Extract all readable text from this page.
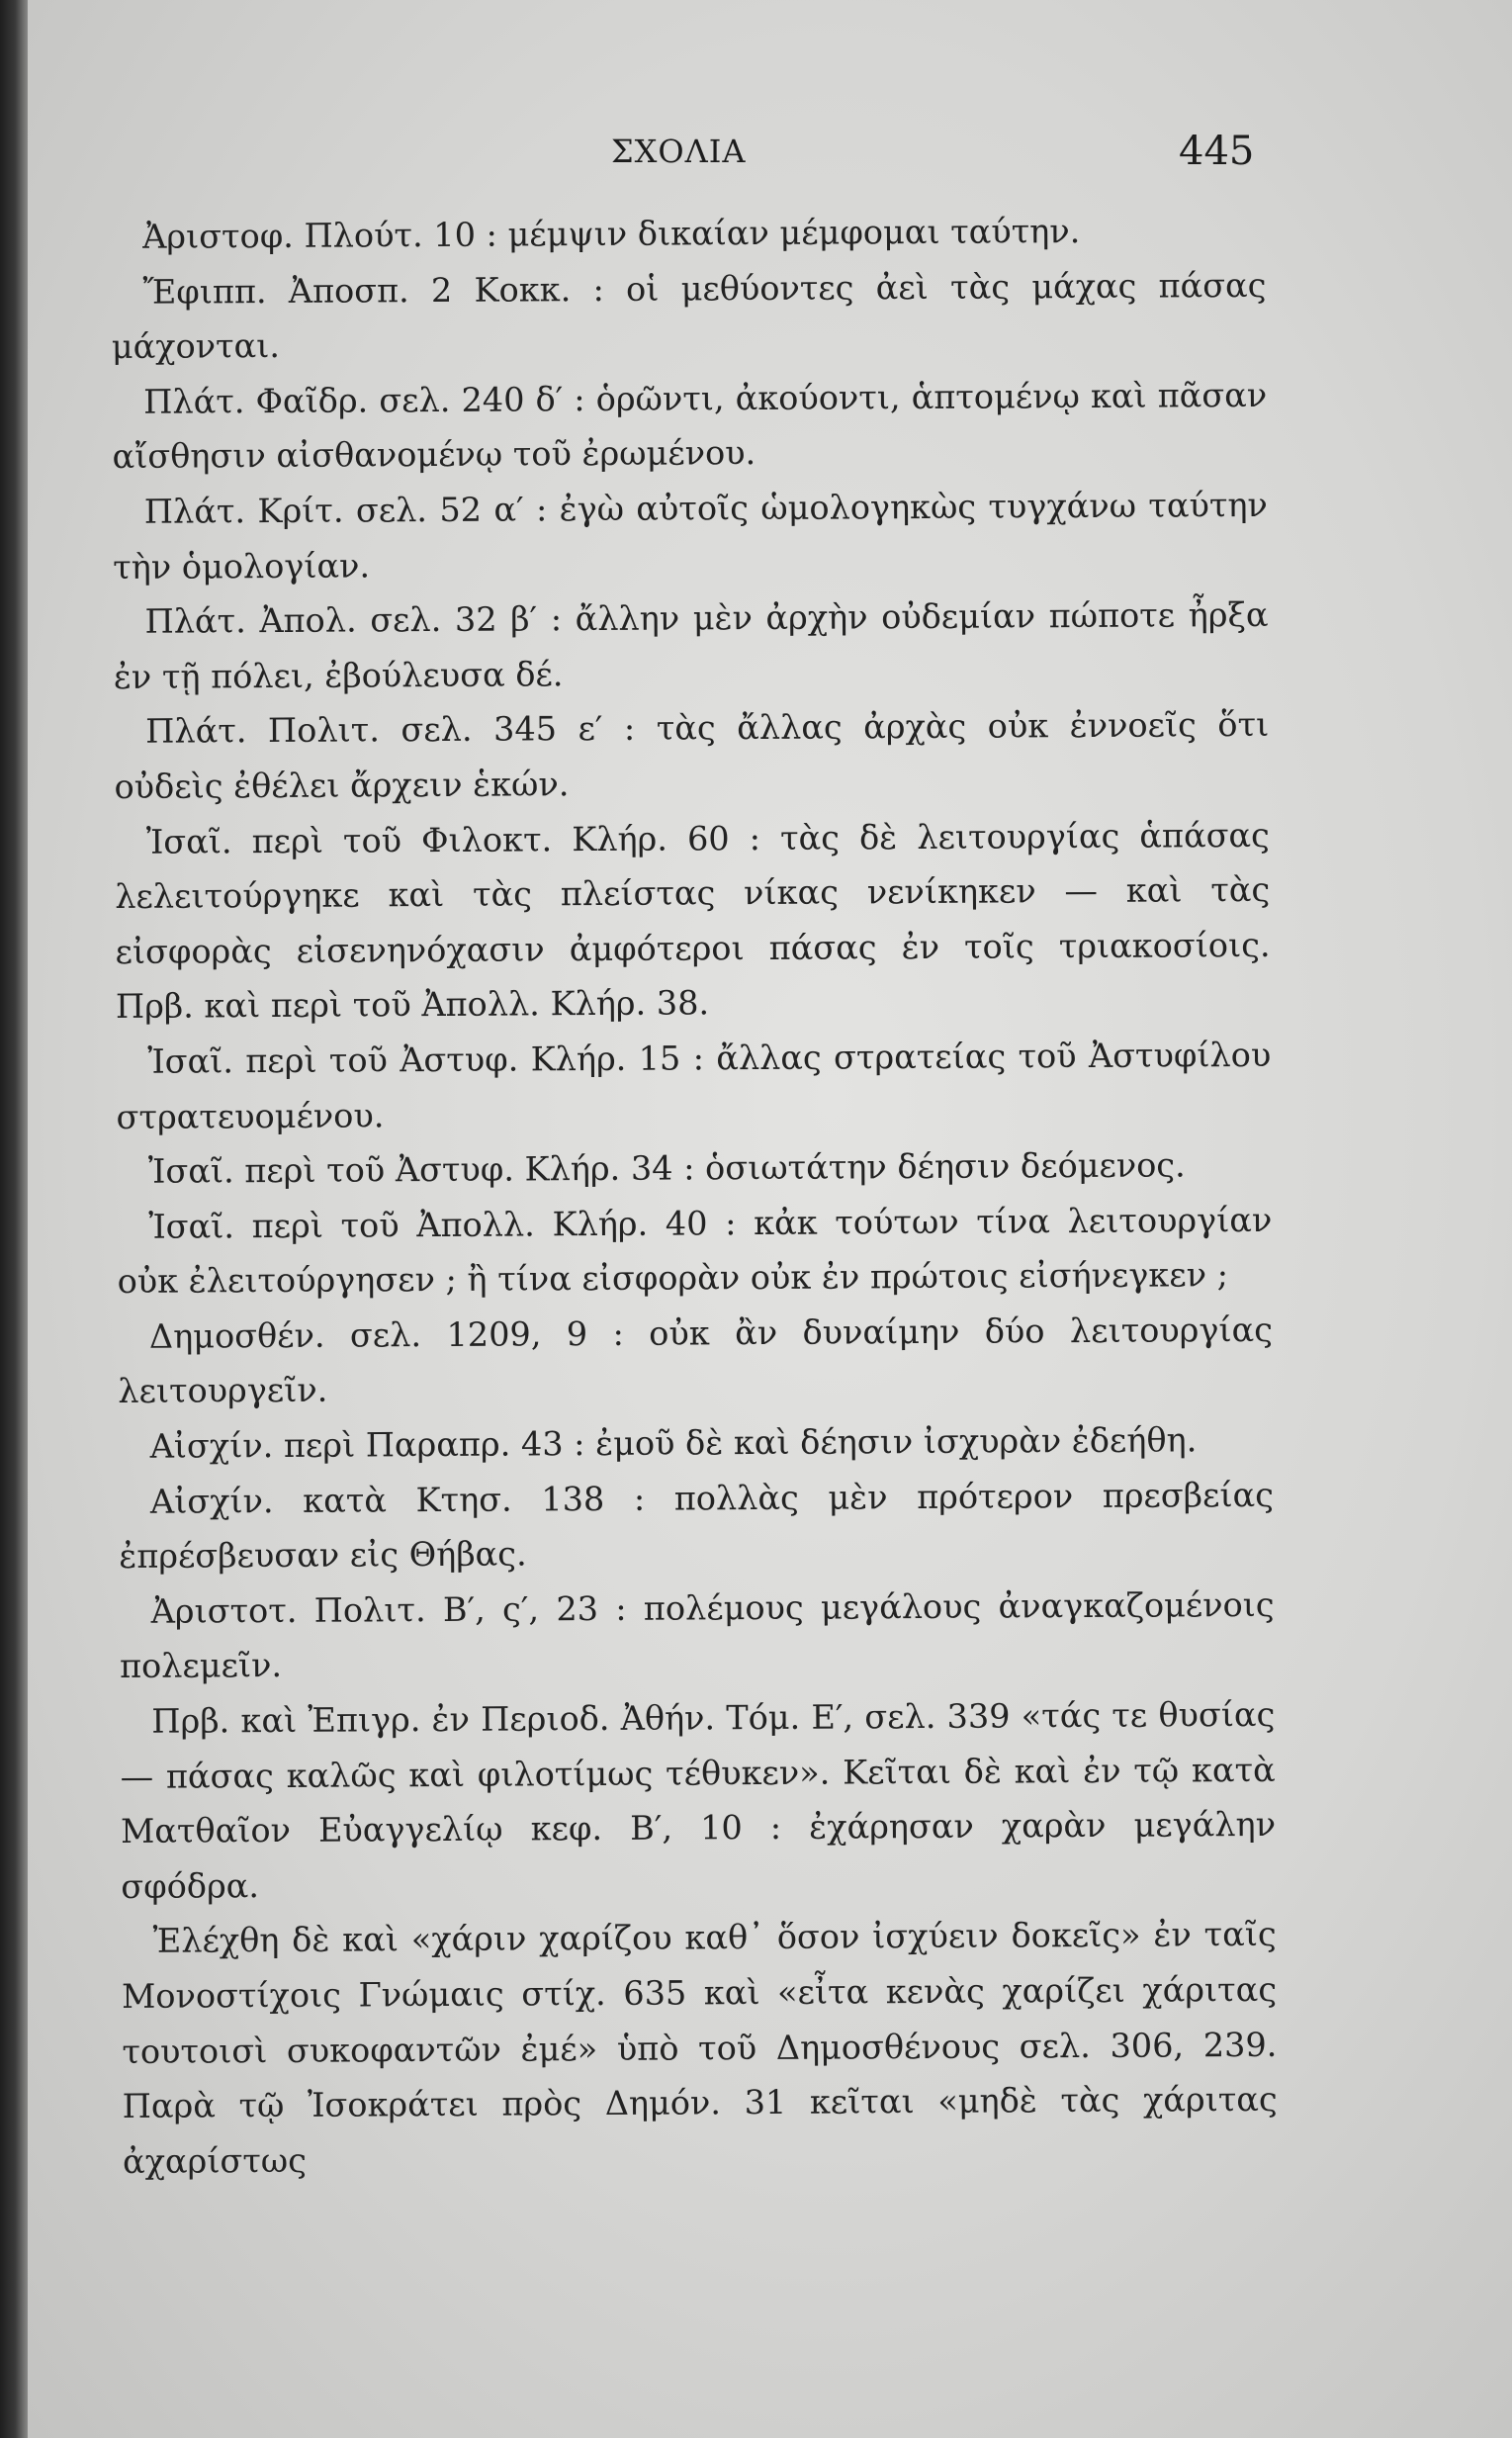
ΣΧΟΛΙΑ	445

Ἀριστοφ. Πλούτ. 10 : μέμψιν δικαίαν μέμφομαι ταύτην.

Ἔφιππ. Ἀποσπ. 2 Κοκκ. : οἱ μεθύοντες ἀεὶ τὰς μάχας πάσας μάχονται.

Πλάτ. Φαῖδρ. σελ. 240 δ′ : ὁρῶντι, ἀκούοντι, ἁπτομένῳ καὶ πᾶσαν αἴσθησιν αἰσθανομένῳ τοῦ ἐρωμένου.

Πλάτ. Κρίτ. σελ. 52 α′ : ἐγὼ αὐτοῖς ὡμολογηκὼς τυγχάνω ταύτην τὴν ὁμολογίαν.

Πλάτ. Ἀπολ. σελ. 32 β′ : ἄλλην μὲν ἀρχὴν οὐδεμίαν πώποτε ἦρξα ἐν τῇ πόλει, ἐβούλευσα δέ.

Πλάτ. Πολιτ. σελ. 345 ε′ : τὰς ἄλλας ἀρχὰς οὐκ ἐννοεῖς ὅτι οὐδεὶς ἐθέλει ἄρχειν ἑκών.

Ἰσαῖ. περὶ τοῦ Φιλοκτ. Κλήρ. 60 : τὰς δὲ λειτουργίας ἁπάσας λελειτούργηκε καὶ τὰς πλείστας νίκας νενίκηκεν — καὶ τὰς εἰσφορὰς εἰσενηνόχασιν ἀμφότεροι πάσας ἐν τοῖς τριακοσίοις. Πρβ. καὶ περὶ τοῦ Ἀπολλ. Κλήρ. 38.

Ἰσαῖ. περὶ τοῦ Ἀστυφ. Κλήρ. 15 : ἄλλας στρατείας τοῦ Ἀστυφίλου στρατευομένου.

Ἰσαῖ. περὶ τοῦ Ἀστυφ. Κλήρ. 34 : ὁσιωτάτην δέησιν δεόμενος.

Ἰσαῖ. περὶ τοῦ Ἀπολλ. Κλήρ. 40 : κἀκ τούτων τίνα λειτουργίαν οὐκ ἐλειτούργησεν ; ἢ τίνα εἰσφορὰν οὐκ ἐν πρώτοις εἰσήνεγκεν ;

Δημοσθέν. σελ. 1209, 9 : οὐκ ἂν δυναίμην δύο λειτουργίας λειτουργεῖν.

Αἰσχίν. περὶ Παραπρ. 43 : ἐμοῦ δὲ καὶ δέησιν ἰσχυρὰν ἐδεήθη.

Αἰσχίν. κατὰ Κτησ. 138 : πολλὰς μὲν πρότερον πρεσβείας ἐπρέσβευσαν εἰς Θήβας.

Ἀριστοτ. Πολιτ. Β′, ς′, 23 : πολέμους μεγάλους ἀναγκαζομένοις πολεμεῖν.

Πρβ. καὶ Ἐπιγρ. ἐν Περιοδ. Ἀθήν. Τόμ. Ε′, σελ. 339 «τάς τε θυσίας — πάσας καλῶς καὶ φιλοτίμως τέθυκεν». Κεῖται δὲ καὶ ἐν τῷ κατὰ Ματθαῖον Εὐαγγελίῳ κεφ. Β′, 10 : ἐχάρησαν χαρὰν μεγάλην σφόδρα.

Ἐλέχθη δὲ καὶ «χάριν χαρίζου καθ᾽ ὅσον ἰσχύειν δοκεῖς» ἐν ταῖς Μονοστίχοις Γνώμαις στίχ. 635 καὶ «εἶτα κενὰς χαρίζει χάριτας τουτοισὶ συκοφαντῶν ἐμέ» ὑπὸ τοῦ Δημοσθένους σελ. 306, 239. Παρὰ τῷ Ἰσοκράτει πρὸς Δημόν. 31 κεῖται «μηδὲ τὰς χάριτας ἀχαρίστως
